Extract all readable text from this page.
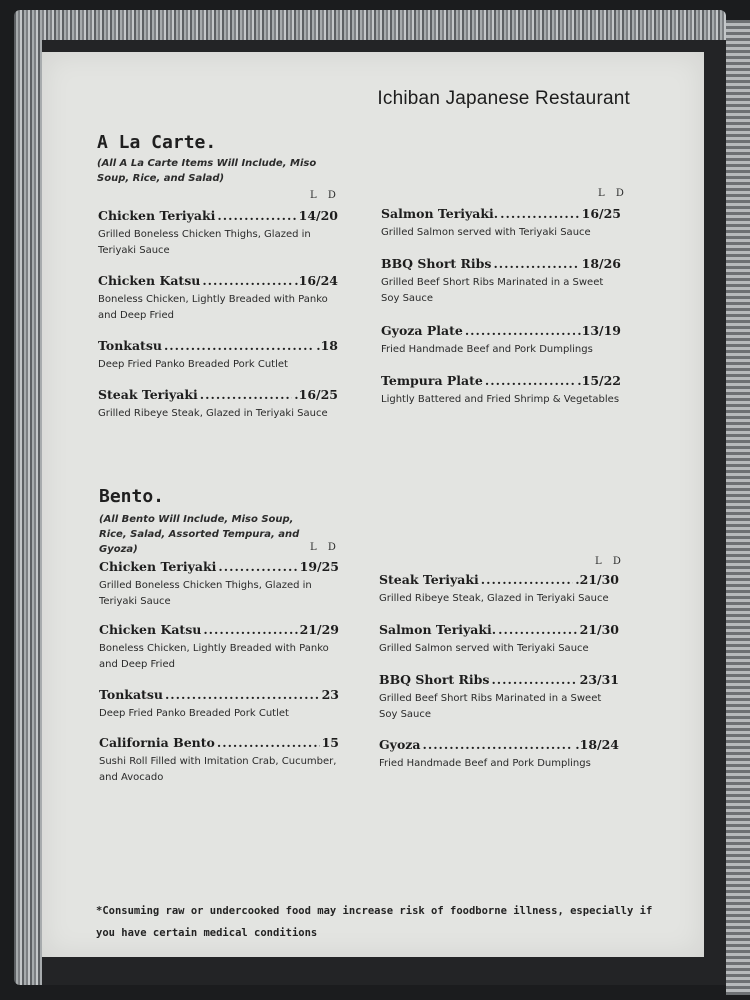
Ichiban Japanese Restaurant
A La Carte.
(All A La Carte Items Will Include, Miso Soup, Rice, and Salad)
L D	L D
Chicken Teriyaki .....	14/20
Grilled Boneless Chicken Thighs, Glazed in Teriyaki Sauce
Chicken Katsu .....	.16/24
Boneless Chicken, Lightly Breaded with Panko and Deep Fried
Tonkatsu .....	.18
Deep Fried Panko Breaded Pork Cutlet
Steak Teriyaki .....	.16/25
Grilled Ribeye Steak, Glazed in Teriyaki Sauce
Salmon Teriyaki. .....	16/25
Grilled Salmon served with Teriyaki Sauce
BBQ Short Ribs .....	18/26
Grilled Beef Short Ribs Marinated in a Sweet Soy Sauce
Gyoza Plate .....	.13/19
Fried Handmade Beef and Pork Dumplings
Tempura Plate .....	.15/22
Lightly Battered and Fried Shrimp & Vegetables
Bento.
(All Bento Will Include, Miso Soup, Rice, Salad, Assorted Tempura, and Gyoza)	L D
L D
Chicken Teriyaki .....	19/25
Grilled Boneless Chicken Thighs, Glazed in Teriyaki Sauce
Chicken Katsu .....	21/29
Boneless Chicken, Lightly Breaded with Panko and Deep Fried
Tonkatsu .....	23
Deep Fried Panko Breaded Pork Cutlet
California Bento .....	15
Sushi Roll Filled with Imitation Crab, Cucumber, and Avocado
Steak Teriyaki .....	.21/30
Grilled Ribeye Steak, Glazed in Teriyaki Sauce
Salmon Teriyaki. .....	21/30
Grilled Salmon served with Teriyaki Sauce
BBQ Short Ribs .....	23/31
Grilled Beef Short Ribs Marinated in a Sweet Soy Sauce
Gyoza .....	.18/24
Fried Handmade Beef and Pork Dumplings
*Consuming raw or undercooked food may increase risk of foodborne illness, especially if you have certain medical conditions
